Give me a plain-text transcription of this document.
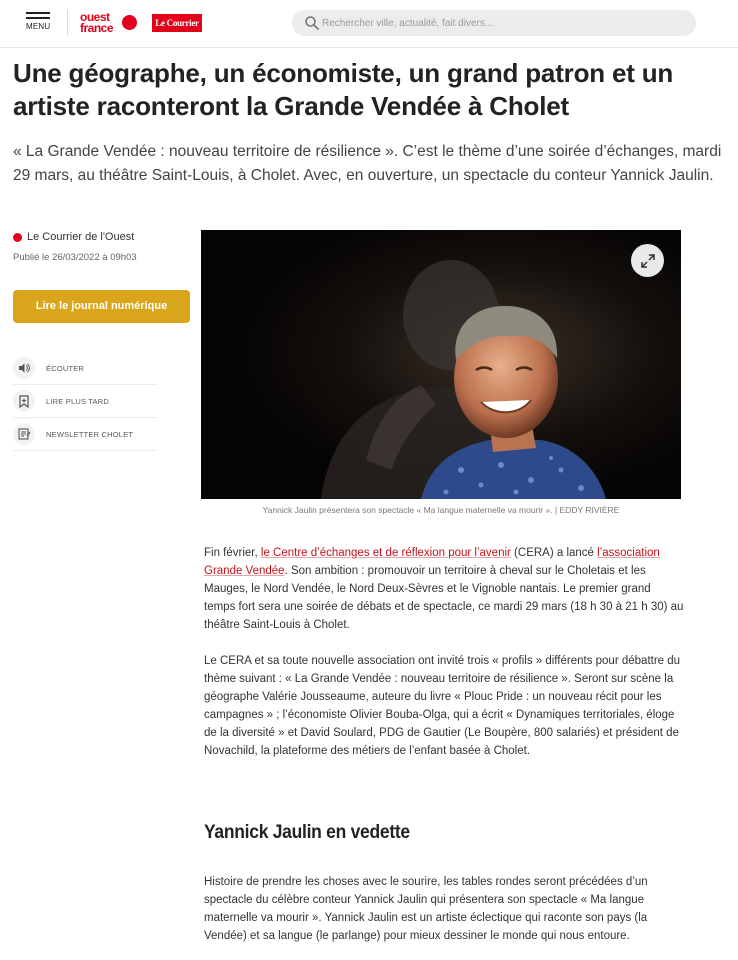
MENU
ouest
france	Le Courrier
Rechercher ville, actualité, fait divers...
Une géographe, un économiste, un grand patron et un artiste raconteront la Grande Vendée à Cholet

« La Grande Vendée : nouveau territoire de résilience ». C’est le thème d’une soirée d’échanges, mardi 29 mars, au théâtre Saint-Louis, à Cholet. Avec, en ouverture, un spectacle du conteur Yannick Jaulin.

Le Courrier de l'Ouest
Publié le 26/03/2022 à 09h03
Lire le journal numérique
ÉCOUTER
LIRE PLUS TARD
NEWSLETTER CHOLET
Yannick Jaulin présentera son spectacle « Ma langue maternelle va mourir ». | EDDY RIVIÈRE

Fin février, le Centre d’échanges et de réflexion pour l’avenir (CERA) a lancé l’association Grande Vendée. Son ambition : promouvoir un territoire à cheval sur le Choletais et les Mauges, le Nord Vendée, le Nord Deux-Sèvres et le Vignoble nantais. Le premier grand temps fort sera une soirée de débats et de spectacle, ce mardi 29 mars (18 h 30 à 21 h 30) au théâtre Saint-Louis à Cholet.

Le CERA et sa toute nouvelle association ont invité trois « profils » différents pour débattre du thème suivant : « La Grande Vendée : nouveau territoire de résilience ». Seront sur scène la géographe Valérie Jousseaume, auteure du livre « Plouc Pride : un nouveau récit pour les campagnes » ; l’économiste Olivier Bouba-Olga, qui a écrit « Dynamiques territoriales, éloge de la diversité » et David Soulard, PDG de Gautier (Le Boupère, 800 salariés) et président de Novachild, la plateforme des métiers de l’enfant basée à Cholet.

Yannick Jaulin en vedette

Histoire de prendre les choses avec le sourire, les tables rondes seront précédées d’un spectacle du célèbre conteur Yannick Jaulin qui présentera son spectacle « Ma langue maternelle va mourir ». Yannick Jaulin est un artiste éclectique qui raconte son pays (la Vendée) et sa langue (le parlange) pour mieux dessiner le monde qui nous entoure.
